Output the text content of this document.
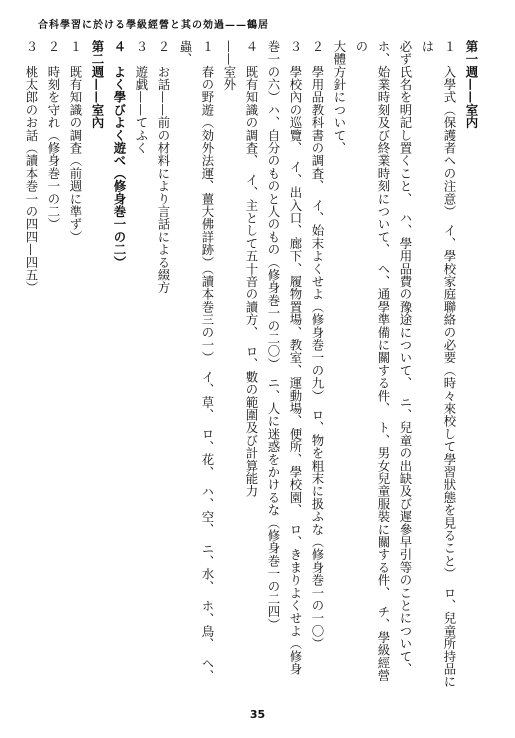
合科學習に於ける學級經營と其の効過——鶴居

第一週——室内

１　入學式（保護者への注意）　イ、學校家庭聯絡の必要（時々來校して學習狀態を見ること）　ロ、兒童所持品には

必ず氏名を明記し置くこと、　ハ、學用品費の豫途について、　ニ、兒童の出缺及び遲參早引等のことについて、

ホ、始業時刻及び終業時刻について、　ヘ、通學準備に關する件、　ト、男女兒童服裝に關する件、　チ、學級經營の

大體方針について、

２　學用品教科書の調査、　イ、始末よくせよ（修身巻一の九）　ロ、物を粗末に扱ふな（修身巻一の一〇）

３　學校內の巡覽、　イ、出入口、廊下、履物置場、教室、運動場、便所、學校園、　ロ、きまりよくせよ（修身

巻一の六）ハ、自分のものと人のもの（修身巻一の二〇）　ニ、人に迷惑をかけるな（修身巻一の二四）

４　既有知識の調査、　イ、主として五十音の讀方、　ロ、數の範圍及び計算能力

——室外

１　春の野遊（効外法運、薑大佛詳跡）（讀本巻三の一）　イ、草、　ロ、花、　ハ、空、　ニ、水、　ホ、鳥、　ヘ、蟲、

２　お話——前の材料により言話による綴方

３　遊戯——てふく

４　よく學びよく遊べ（修身巻一の二）

第二週——室內

１　既有知識の調査（前週に準ず）

２　時刻を守れ（修身巻一の二）

３　桃太郎のお話（讀本巻一の四四—四五）

35
